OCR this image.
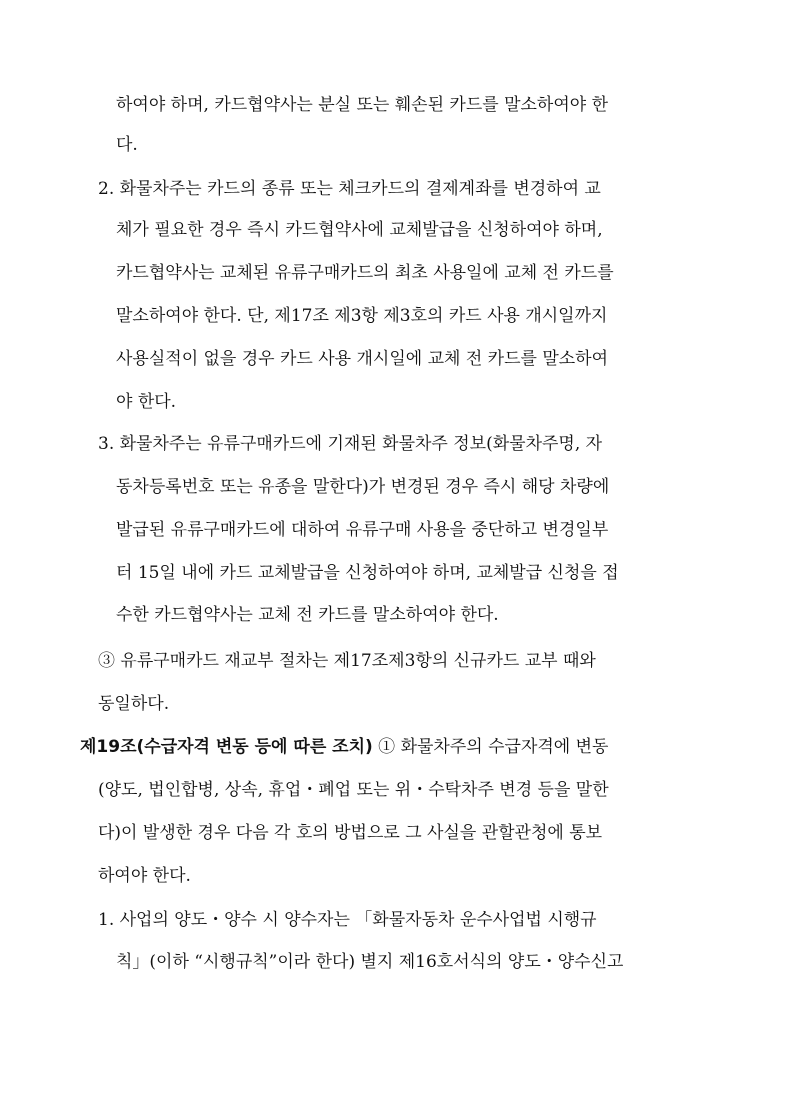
하여야 하며, 카드협약사는 분실 또는 훼손된 카드를 말소하여야 한
다.
2. 화물차주는 카드의 종류 또는 체크카드의 결제계좌를 변경하여 교
체가 필요한 경우 즉시 카드협약사에 교체발급을 신청하여야 하며,
카드협약사는 교체된 유류구매카드의 최초 사용일에 교체 전 카드를
말소하여야 한다. 단, 제17조 제3항 제3호의 카드 사용 개시일까지
사용실적이 없을 경우 카드 사용 개시일에 교체 전 카드를 말소하여
야 한다.
3. 화물차주는 유류구매카드에 기재된 화물차주 정보(화물차주명, 자
동차등록번호 또는 유종을 말한다)가 변경된 경우 즉시 해당 차량에
발급된 유류구매카드에 대하여 유류구매 사용을 중단하고 변경일부
터 15일 내에 카드 교체발급을 신청하여야 하며, 교체발급 신청을 접
수한 카드협약사는 교체 전 카드를 말소하여야 한다.
③ 유류구매카드 재교부 절차는 제17조제3항의 신규카드 교부 때와
동일하다.
제19조(수급자격 변동 등에 따른 조치) ① 화물차주의 수급자격에 변동
(양도, 법인합병, 상속, 휴업・폐업 또는 위・수탁차주 변경 등을 말한
다)이 발생한 경우 다음 각 호의 방법으로 그 사실을 관할관청에 통보
하여야 한다.
1. 사업의 양도・양수 시 양수자는 「화물자동차 운수사업법 시행규
칙」(이하 “시행규칙”이라 한다) 별지 제16호서식의 양도・양수신고
